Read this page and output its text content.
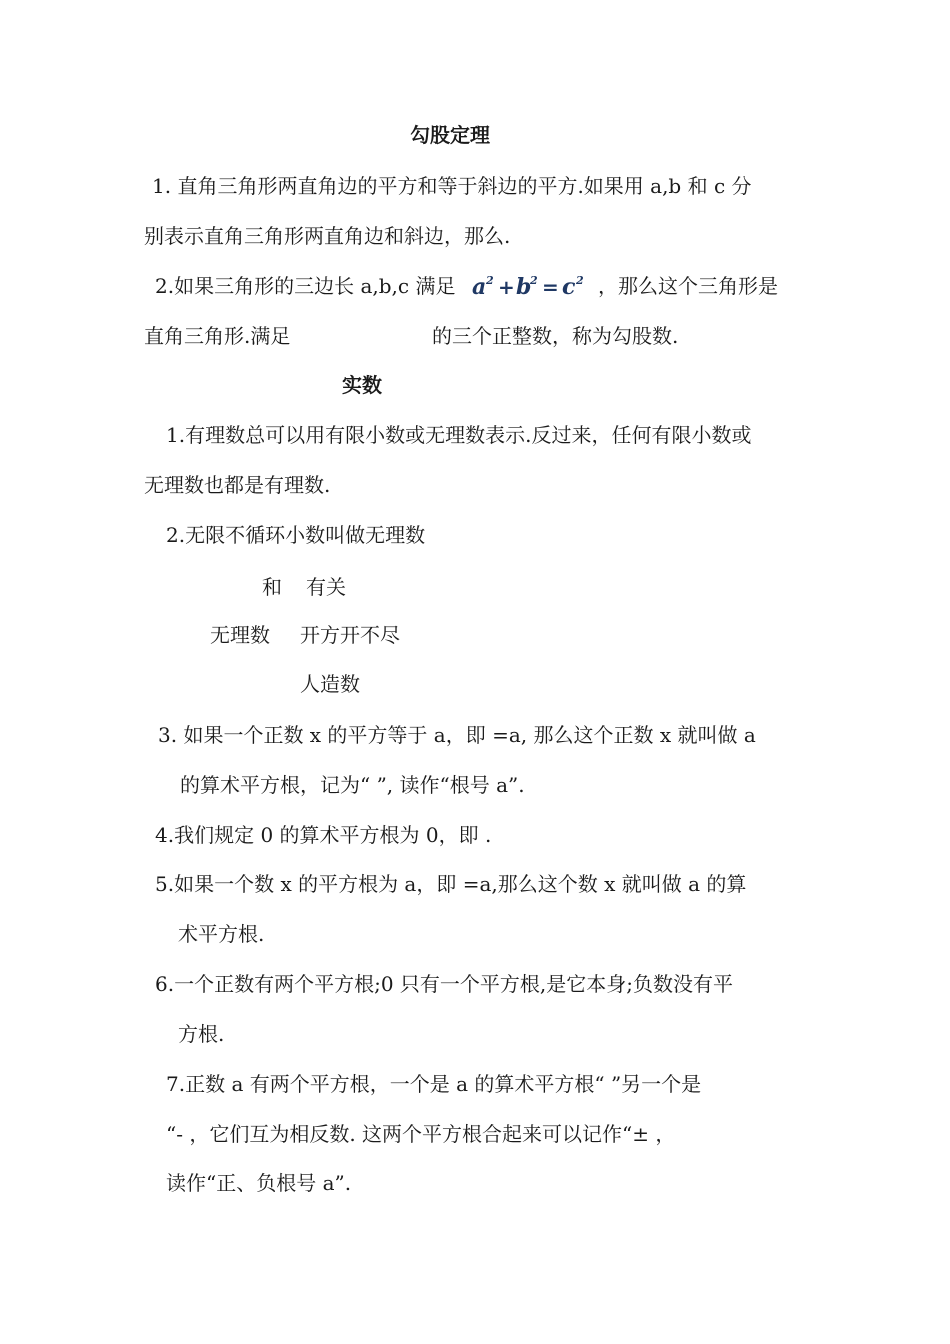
勾股定理
1. 直角三角形两直角边的平方和等于斜边的平方.如果用 a,b 和 c 分
别表示直角三角形两直角边和斜边，那么.
2.如果三角形的三边长 a,b,c 满足 a 2 + b
2 = c 2 ，那么这个三角形是
直角三角形.满足	的三个正整数，称为勾股数.
实数
1.有理数总可以用有限小数或无理数表示.反过来，任何有限小数或
无理数也都是有理数.
2.无限不循环小数叫做无理数
和 有关
无理数 开方开不尽
人造数
3. 如果一个正数 x 的平方等于 a，即 =a, 那么这个正数 x 就叫做 a
的算术平方根，记为“ ”, 读作“根号 a”.
4.我们规定 0 的算术平方根为 0，即 .
5.如果一个数 x 的平方根为 a，即 =a,那么这个数 x 就叫做 a 的算
术平方根.
6.一个正数有两个平方根;0 只有一个平方根,是它本身;负数没有平
方根.
7.正数 a 有两个平方根，一个是 a 的算术平方根“ ”另一个是
“- ，它们互为相反数. 这两个平方根合起来可以记作“± ，
读作“正、负根号 a”.
